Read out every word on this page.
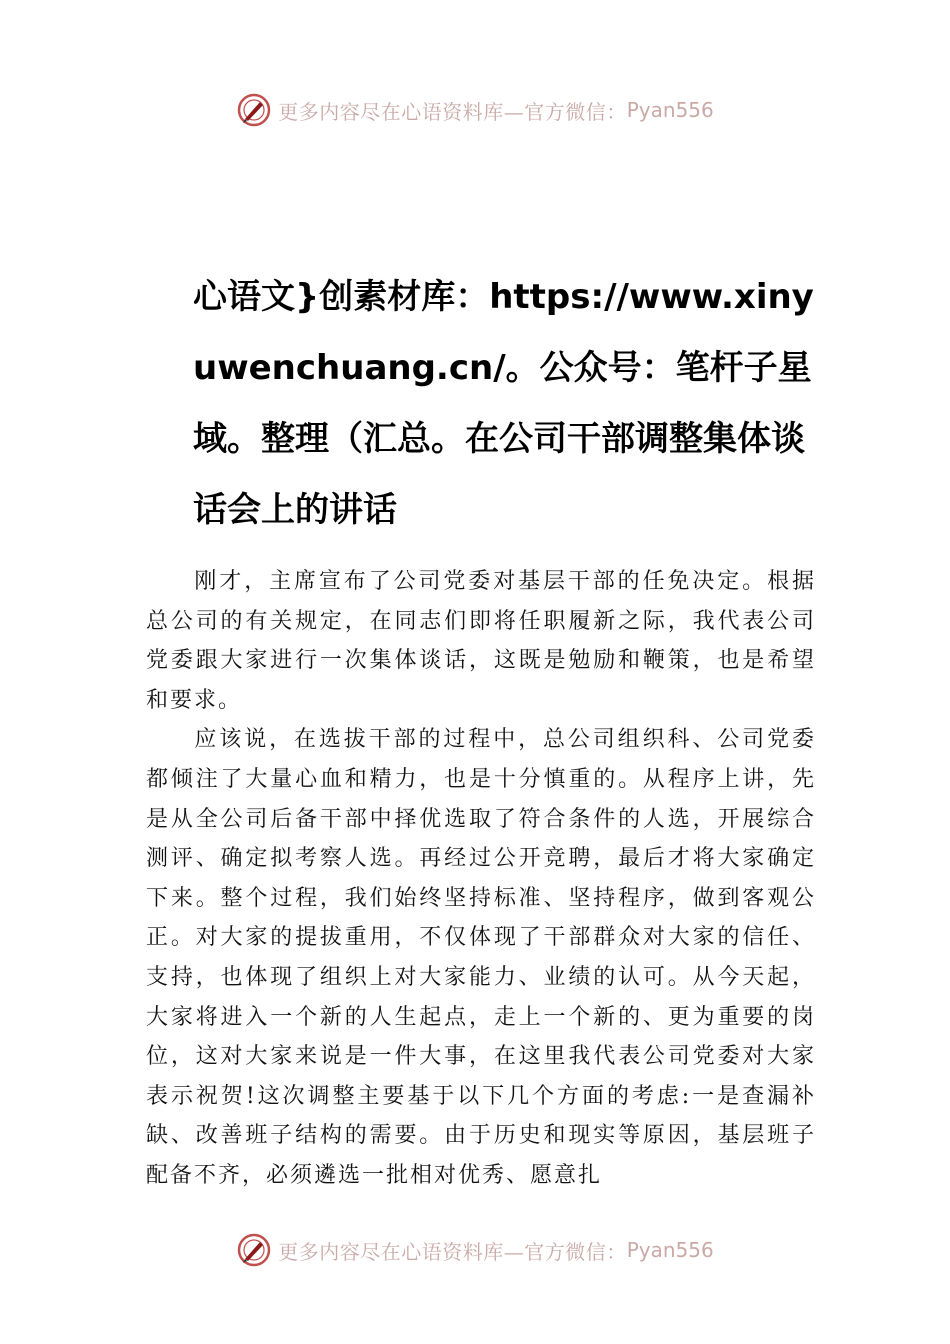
更多内容尽在心语资料库—官方微信： Pyan556
心语文}创素材库：https://www.xinyuwenchuang.cn/。公众号：笔杆子星域。整理（汇总。在公司干部调整集体谈话会上的讲话

刚才，主席宣布了公司党委对基层干部的任免决定。根据总公司的有关规定，在同志们即将任职履新之际，我代表公司党委跟大家进行一次集体谈话，这既是勉励和鞭策，也是希望和要求。

应该说，在选拔干部的过程中，总公司组织科、公司党委都倾注了大量心血和精力，也是十分慎重的。从程序上讲，先是从全公司后备干部中择优选取了符合条件的人选，开展综合测评、确定拟考察人选。再经过公开竞聘，最后才将大家确定下来。整个过程，我们始终坚持标准、坚持程序，做到客观公正。对大家的提拔重用，不仅体现了干部群众对大家的信任、支持，也体现了组织上对大家能力、业绩的认可。从今天起，大家将进入一个新的人生起点，走上一个新的、更为重要的岗位，这对大家来说是一件大事，在这里我代表公司党委对大家表示祝贺!这次调整主要基于以下几个方面的考虑:一是查漏补缺、改善班子结构的需要。由于历史和现实等原因，基层班子配备不齐，必须遴选一批相对优秀、愿意扎

更多内容尽在心语资料库—官方微信： Pyan556
